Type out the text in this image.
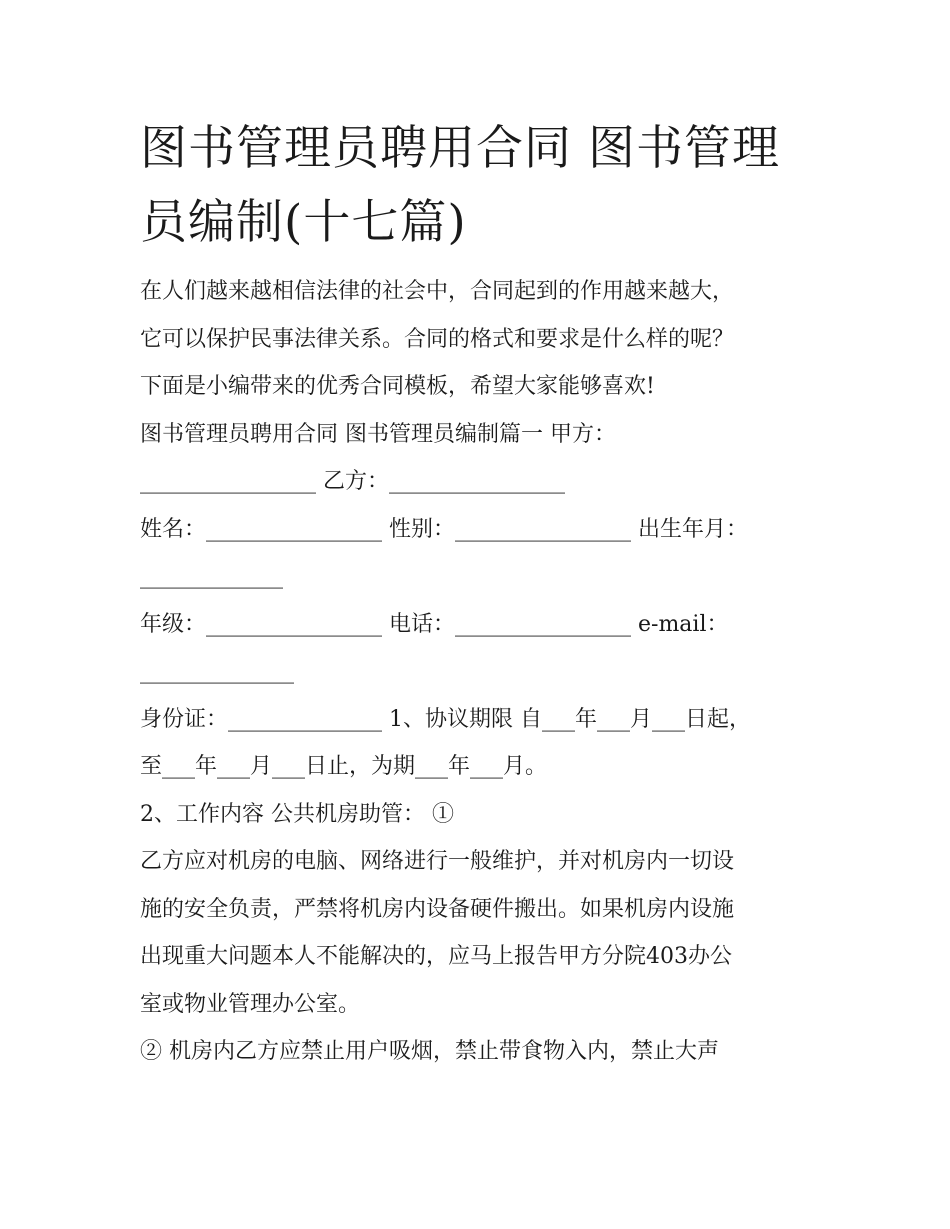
图书管理员聘用合同 图书管理
员编制(十七篇)

在人们越来越相信法律的社会中，合同起到的作用越来越大，

它可以保护民事法律关系。合同的格式和要求是什么样的呢？

下面是小编带来的优秀合同模板，希望大家能够喜欢!

图书管理员聘用合同 图书管理员编制篇一 甲方：

________________ 乙方：________________

姓名：________________ 性别：________________ 出生年月：

_____________

年级：________________ 电话：________________ e-mail：

______________

身份证：______________ 1、协议期限 自___年___月___日起，

至___年___月___日止，为期___年___月。

2、工作内容 公共机房助管： ①

乙方应对机房的电脑、网络进行一般维护，并对机房内一切设

施的安全负责，严禁将机房内设备硬件搬出。如果机房内设施

出现重大问题本人不能解决的，应马上报告甲方分院403办公

室或物业管理办公室。

② 机房内乙方应禁止用户吸烟，禁止带食物入内，禁止大声
